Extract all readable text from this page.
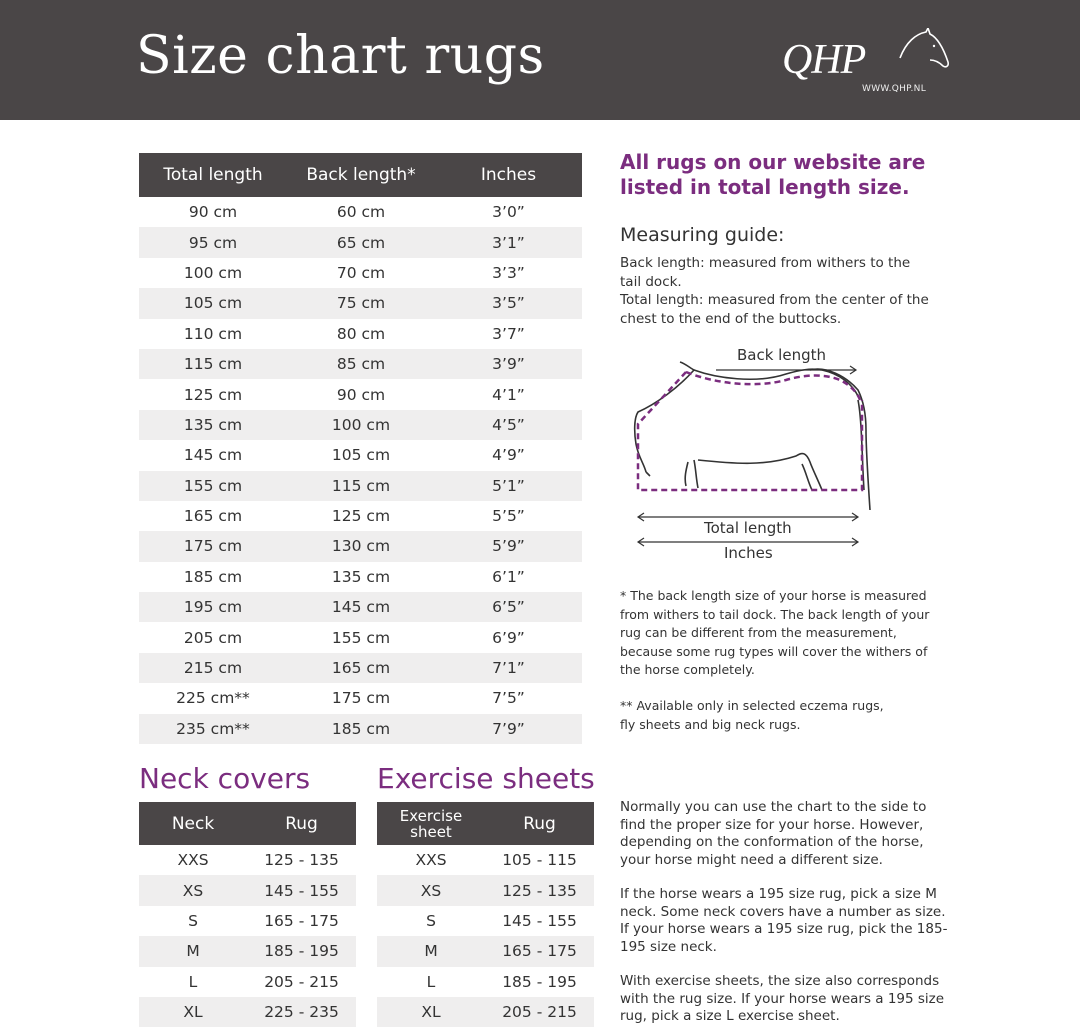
Size chart rugs	QHP
WWW.QHP.NL
Total length	Back length*	Inches
90 cm	60 cm	3’0”
95 cm	65 cm	3’1”
100 cm	70 cm	3’3”
105 cm	75 cm	3’5”
110 cm	80 cm	3’7”
115 cm	85 cm	3’9”
125 cm	90 cm	4’1”
135 cm	100 cm	4’5”
145 cm	105 cm	4’9”
155 cm	115 cm	5’1”
165 cm	125 cm	5’5”
175 cm	130 cm	5’9”
185 cm	135 cm	6’1”
195 cm	145 cm	6’5”
205 cm	155 cm	6’9”
215 cm	165 cm	7’1”
225 cm**	175 cm	7’5”
235 cm**	185 cm	7’9”
Neck covers
Neck	Rug
XXS	125 - 135
XS	145 - 155
S	165 - 175
M	185 - 195
L	205 - 215
XL	225 - 235
Exercise sheets
Exercise sheet	Rug
XXS	105 - 115
XS	125 - 135
S	145 - 155
M	165 - 175
L	185 - 195
XL	205 - 215
All rugs on our website are listed in total length size.
Measuring guide:
Back length: measured from withers to the tail dock.
Total length: measured from the center of the chest to the end of the buttocks.
Back length
Total length
Inches
* The back length size of your horse is measured from withers to tail dock. The back length of your rug can be different from the measurement, because some rug types will cover the withers of the horse completely.
** Available only in selected eczema rugs, fly sheets and big neck rugs.
Normally you can use the chart to the side to find the proper size for your horse. However, depending on the conformation of the horse, your horse might need a different size.
If the horse wears a 195 size rug, pick a size M neck. Some neck covers have a number as size. If your horse wears a 195 size rug, pick the 185-195 size neck.
With exercise sheets, the size also corresponds with the rug size. If your horse wears a 195 size rug, pick a size L exercise sheet.
